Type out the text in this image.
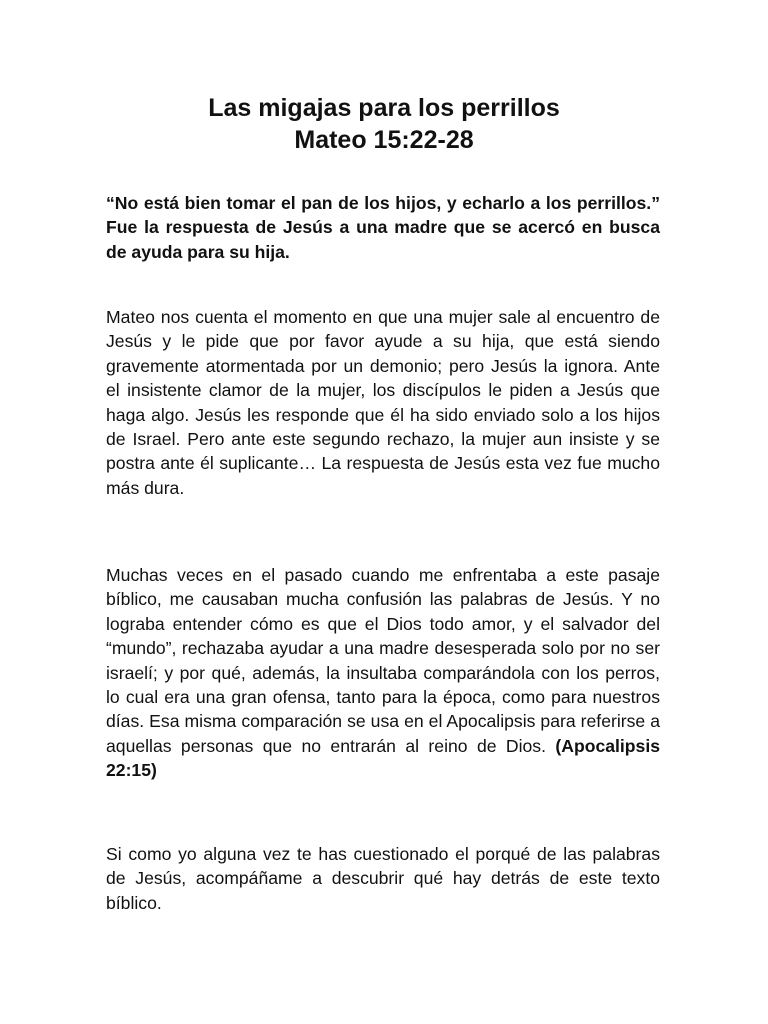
Las migajas para los perrillos
Mateo 15:22-28

“No está bien tomar el pan de los hijos, y echarlo a los perrillos.” Fue la respuesta de Jesús a una madre que se acercó en busca de ayuda para su hija.

Mateo nos cuenta el momento en que una mujer sale al encuentro de Jesús y le pide que por favor ayude a su hija, que está siendo gravemente atormentada por un demonio; pero Jesús la ignora. Ante el insistente clamor de la mujer, los discípulos le piden a Jesús que haga algo. Jesús les responde que él ha sido enviado solo a los hijos de Israel. Pero ante este segundo rechazo, la mujer aun insiste y se postra ante él suplicante… La respuesta de Jesús esta vez fue mucho más dura.

Muchas veces en el pasado cuando me enfrentaba a este pasaje bíblico, me causaban mucha confusión las palabras de Jesús. Y no lograba entender cómo es que el Dios todo amor, y el salvador del “mundo”, rechazaba ayudar a una madre desesperada solo por no ser israelí; y por qué, además, la insultaba comparándola con los perros, lo cual era una gran ofensa, tanto para la época, como para nuestros días. Esa misma comparación se usa en el Apocalipsis para referirse a aquellas personas que no entrarán al reino de Dios. (Apocalipsis 22:15)

Si como yo alguna vez te has cuestionado el porqué de las palabras de Jesús, acompáñame a descubrir qué hay detrás de este texto bíblico.
